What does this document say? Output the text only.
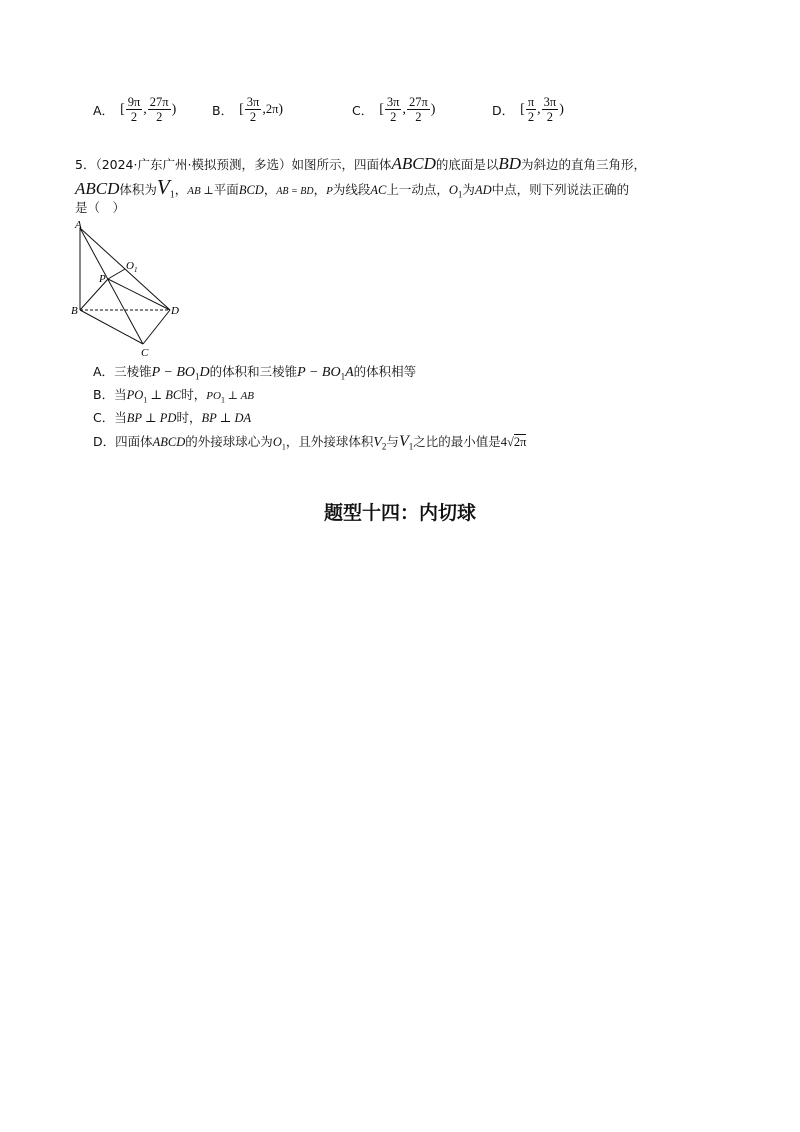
A． [ $\frac{9\pi}{2}$ , $\frac{27\pi}{2}$ )	B． [ $\frac{3\pi}{2}$ , 2π )	C． [ $\frac{3\pi}{2}$ , $\frac{27\pi}{2}$ )	D． [ $\frac{\pi}{2}$ , $\frac{3\pi}{2}$ )
5．（2024·广东广州·模拟预测，多选）如图所示，四面体ABCD的底面是以BD为斜边的直角三角形，
ABCD体积为$V_1$，AB ⊥平面BCD，AB = BD，P为线段AC上一动点，$O_1$为AD中点，则下列说法正确的
是（　）
A
B
C
D
P
$O_1$
A．三棱锥$P - BO_1D$的体积和三棱锥$P - BO_1A$的体积相等
B．当$PO_1$ ⊥ BC时，$PO_1$ ⊥ AB
C．当BP ⊥ PD时，BP ⊥ DA
D．四面体ABCD的外接球球心为$O_1$，且外接球体积$V_2$与$V_1$之比的最小值是4√2π
题型十四：内切球
